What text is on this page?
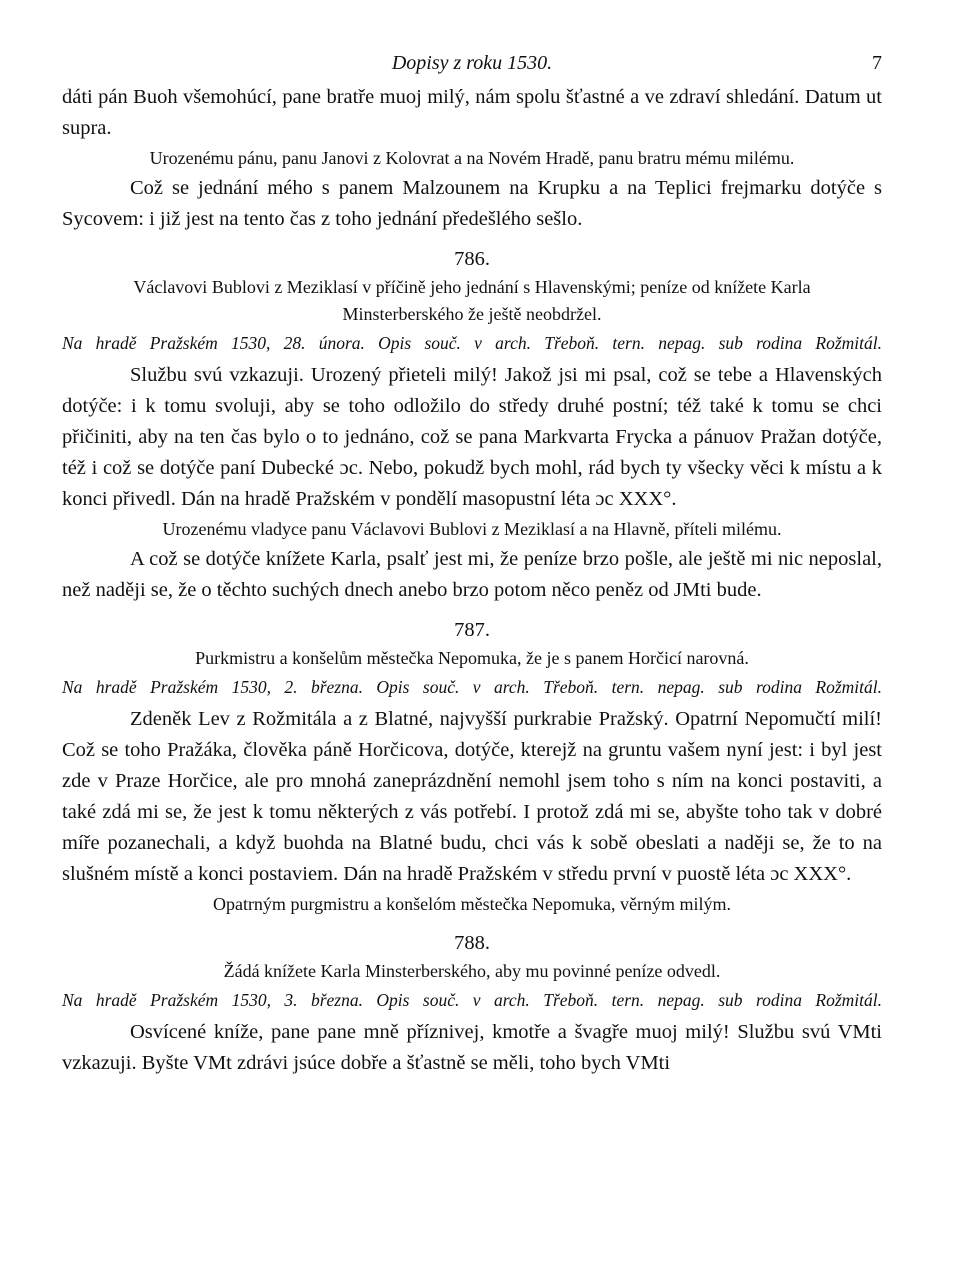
Dopisy z roku 1530.	7

dáti pán Buoh všemohúcí, pane bratře muoj milý, nám spolu šťastné a ve zdraví shledání. Datum ut supra.

Urozenému pánu, panu Janovi z Kolovrat a na Novém Hradě, panu bratru mému milému.

Což se jednání mého s panem Malzounem na Krupku a na Teplici frejmarku dotýče s Sycovem: i již jest na tento čas z toho jednání předešlého sešlo.

786.

Václavovi Bublovi z Meziklasí v příčině jeho jednání s Hlavenskými; peníze od knížete Karla Minsterberského že ještě neobdržel.

Na hradě Pražském 1530, 28. února. Opis souč. v arch. Třeboň. tern. nepag. sub rodina Rožmitál.

Službu svú vzkazuji. Urozený přieteli milý! Jakož jsi mi psal, což se tebe a Hlavenských dotýče: i k tomu svoluji, aby se toho odložilo do středy druhé postní; též také k tomu se chci přičiniti, aby na ten čas bylo o to jednáno, což se pana Markvarta Frycka a pánuov Pražan dotýče, též i což se dotýče paní Dubecké ɔc. Nebo, pokudž bych mohl, rád bych ty všecky věci k místu a k konci přivedl. Dán na hradě Pražském v pondělí masopustní léta ɔc XXX°.

Urozenému vladyce panu Václavovi Bublovi z Meziklasí a na Hlavně, příteli milému.

A což se dotýče knížete Karla, psalť jest mi, že peníze brzo pošle, ale ještě mi nic neposlal, než naději se, že o těchto suchých dnech anebo brzo potom něco peněz od JMti bude.

787.

Purkmistru a konšelům městečka Nepomuka, že je s panem Horčicí narovná.

Na hradě Pražském 1530, 2. března. Opis souč. v arch. Třeboň. tern. nepag. sub rodina Rožmitál.

Zdeněk Lev z Rožmitála a z Blatné, najvyšší purkrabie Pražský. Opatrní Nepomučtí milí! Což se toho Pražáka, člověka páně Horčicova, dotýče, kterejž na gruntu vašem nyní jest: i byl jest zde v Praze Horčice, ale pro mnohá zaneprázdnění nemohl jsem toho s ním na konci postaviti, a také zdá mi se, že jest k tomu některých z vás potřebí. I protož zdá mi se, abyšte toho tak v dobré míře pozanechali, a když buohda na Blatné budu, chci vás k sobě obeslati a naději se, že to na slušném místě a konci postaviem. Dán na hradě Pražském v středu první v puostě léta ɔc XXX°.

Opatrným purgmistru a konšelóm městečka Nepomuka, věrným milým.

788.

Žádá knížete Karla Minsterberského, aby mu povinné peníze odvedl.

Na hradě Pražském 1530, 3. března. Opis souč. v arch. Třeboň. tern. nepag. sub rodina Rožmitál.

Osvícené kníže, pane pane mně příznivej, kmotře a švagře muoj milý! Službu svú VMti vzkazuji. Byšte VMt zdrávi jsúce dobře a šťastně se měli, toho bych VMti
